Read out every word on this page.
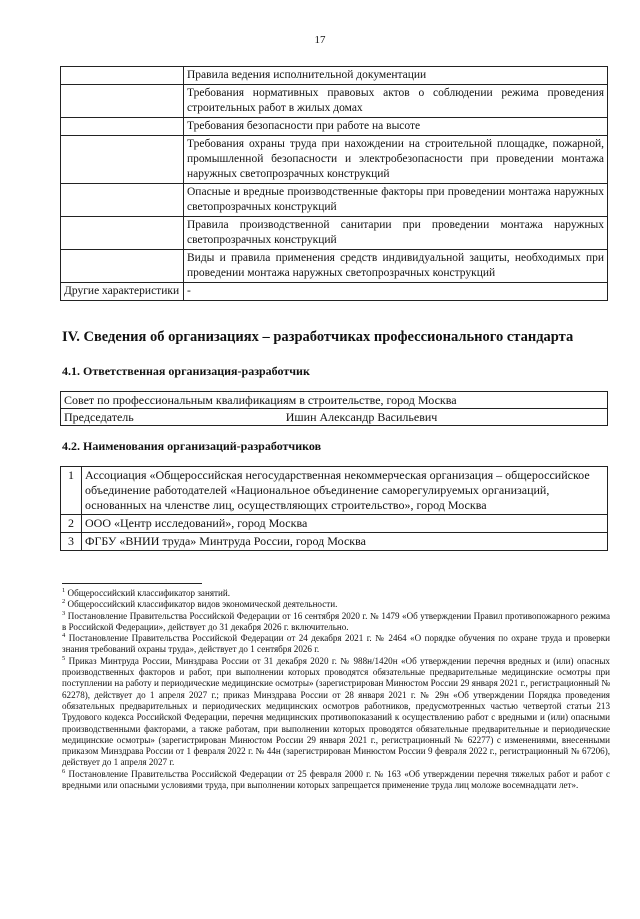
17
	Правила ведения исполнительной документации
	Требования нормативных правовых актов о соблюдении режима проведения строительных работ в жилых домах
	Требования безопасности при работе на высоте
	Требования охраны труда при нахождении на строительной площадке, пожарной, промышленной безопасности и электробезопасности при проведении монтажа наружных светопрозрачных конструкций
	Опасные и вредные производственные факторы при проведении монтажа наружных светопрозрачных конструкций
	Правила производственной санитарии при проведении монтажа наружных светопрозрачных конструкций
	Виды и правила применения средств индивидуальной защиты, необходимых при проведении монтажа наружных светопрозрачных конструкций
Другие характеристики	-
IV. Сведения об организациях – разработчиках профессионального стандарта
4.1. Ответственная организация-разработчик
Совет по профессиональным квалификациям в строительстве, город Москва
Председатель	Ишин Александр Васильевич
4.2. Наименования организаций-разработчиков
1	Ассоциация «Общероссийская негосударственная некоммерческая организация – общероссийское объединение работодателей «Национальное объединение саморегулируемых организаций, основанных на членстве лиц, осуществляющих строительство», город Москва
2	ООО «Центр исследований», город Москва
3	ФГБУ «ВНИИ труда» Минтруда России, город Москва

$^1$ Общероссийский классификатор занятий.

$^2$ Общероссийский классификатор видов экономической деятельности.

$^3$ Постановление Правительства Российской Федерации от 16 сентября 2020 г. № 1479 «Об утверждении Правил противопожарного режима в Российской Федерации», действует до 31 декабря 2026 г. включительно.

$^4$ Постановление Правительства Российской Федерации от 24 декабря 2021 г. № 2464 «О порядке обучения по охране труда и проверки знания требований охраны труда», действует до 1 сентября 2026 г.

$^5$ Приказ Минтруда России, Минздрава России от 31 декабря 2020 г. № 988н/1420н «Об утверждении перечня вредных и (или) опасных производственных факторов и работ, при выполнении которых проводятся обязательные предварительные медицинские осмотры при поступлении на работу и периодические медицинские осмотры» (зарегистрирован Минюстом России 29 января 2021 г., регистрационный № 62278), действует до 1 апреля 2027 г.; приказ Минздрава России от 28 января 2021 г. № 29н «Об утверждении Порядка проведения обязательных предварительных и периодических медицинских осмотров работников, предусмотренных частью четвертой статьи 213 Трудового кодекса Российской Федерации, перечня медицинских противопоказаний к осуществлению работ с вредными и (или) опасными производственными факторами, а также работам, при выполнении которых проводятся обязательные предварительные и периодические медицинские осмотры» (зарегистрирован Минюстом России 29 января 2021 г., регистрационный № 62277) с изменениями, внесенными приказом Минздрава России от 1 февраля 2022 г. № 44н (зарегистрирован Минюстом России 9 февраля 2022 г., регистрационный № 67206), действует до 1 апреля 2027 г.

$^6$ Постановление Правительства Российской Федерации от 25 февраля 2000 г. № 163 «Об утверждении перечня тяжелых работ и работ с вредными или опасными условиями труда, при выполнении которых запрещается применение труда лиц моложе восемнадцати лет».
